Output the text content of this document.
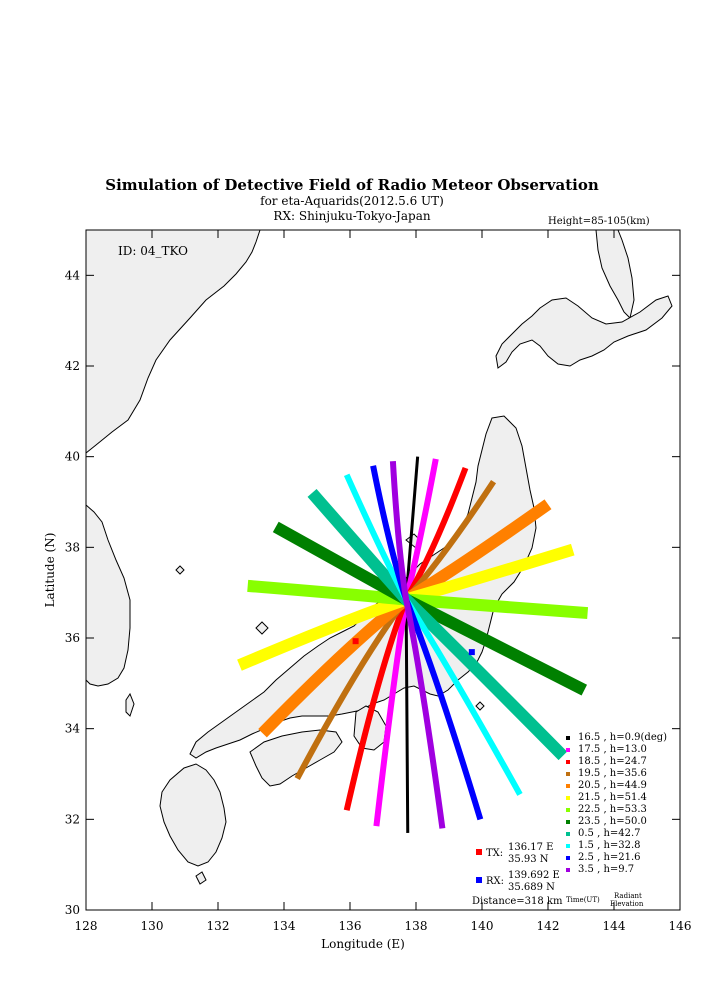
Simulation of Detective Field of Radio Meteor Observation
for eta-Aquarids(2012.5.6 UT)
RX: Shinjuku-Tokyo-Japan	Height=85-105(km)
128	130	132	134	136	138	140	142	144	146
30
32
34
36
38
40
42
44
Longitude (E)
Latitude (N)
ID: 04_TKO
16.5 , h=0.9(deg)
17.5 , h=13.0
18.5 , h=24.7
19.5 , h=35.6
20.5 , h=44.9
21.5 , h=51.4
22.5 , h=53.3
23.5 , h=50.0
0.5 , h=42.7
1.5 , h=32.8
2.5 , h=21.6
3.5 , h=9.7
Time(UT) Radiant
Elevation
TX:
136.17 E
35.93 N
RX:
139.692 E
35.689 N
Distance=318 km
